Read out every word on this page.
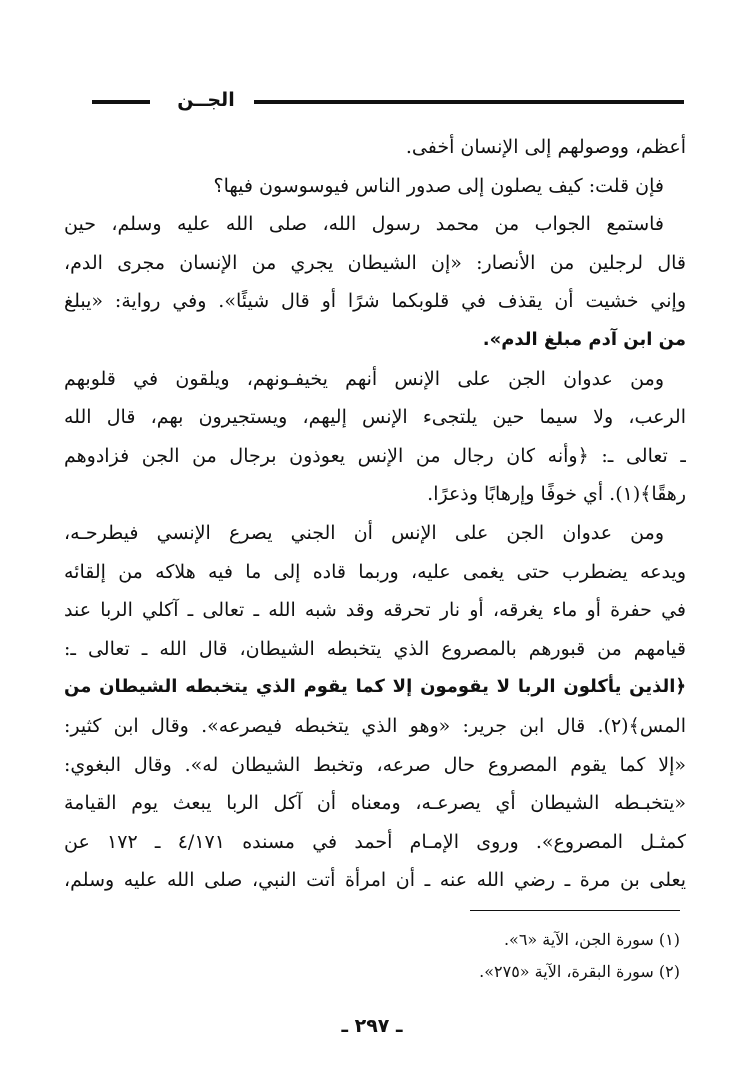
الجــن
أعظم، ووصولهم إلى الإنسان أخفى.
فإن قلت: كيف يصلون إلى صدور الناس فيوسوسون فيها؟
فاستمع الجواب من محمد رسول الله، صلى الله عليه وسلم، حين
قال لرجلين من الأنصار: «إن الشيطان يجري من الإنسان مجرى الدم،
وإني خشيت أن يقذف في قلوبكما شرًا أو قال شيئًا». وفي رواية: «يبلغ
من ابن آدم مبلغ الدم».
ومن عدوان الجن على الإنس أنهم يخيفـونهم، ويلقون في قلوبهم
الرعب، ولا سيما حين يلتجىء الإنس إليهم، ويستجيرون بهم، قال الله
ـ تعالى ـ: ﴿وأنه كان رجال من الإنس يعوذون برجال من الجن فزادوهم
رهقًا﴾(١). أي خوفًا وإرهابًا وذعرًا.
ومن عدوان الجن على الإنس أن الجني يصرع الإنسي فيطرحـه،
ويدعه يضطرب حتى يغمى عليه، وربما قاده إلى ما فيه هلاكه من إلقائه
في حفرة أو ماء يغرقه، أو نار تحرقه وقد شبه الله ـ تعالى ـ آكلي الربا عند
قيامهم من قبورهم بالمصروع الذي يتخبطه الشيطان، قال الله ـ تعالى ـ:
﴿الذين يأكلون الربا لا يقومون إلا كما يقوم الذي يتخبطه الشيطان من
المس﴾(٢). قال ابن جرير: «وهو الذي يتخبطه فيصرعه». وقال ابن كثير:
«إلا كما يقوم المصروع حال صرعه، وتخبط الشيطان له». وقال البغوي:
«يتخبـطه الشيطان أي يصرعـه، ومعناه أن آكل الربا يبعث يوم القيامة
كمثـل المصروع». وروى الإمـام أحمد في مسنده ٤/١٧١ ـ ١٧٢ عن
يعلى بن مرة ـ رضي الله عنه ـ أن امرأة أتت النبي، صلى الله عليه وسلم،
(١) سورة الجن، الآية «٦».
(٢) سورة البقرة، الآية «٢٧٥».
ـ ٢٩٧ ـ
